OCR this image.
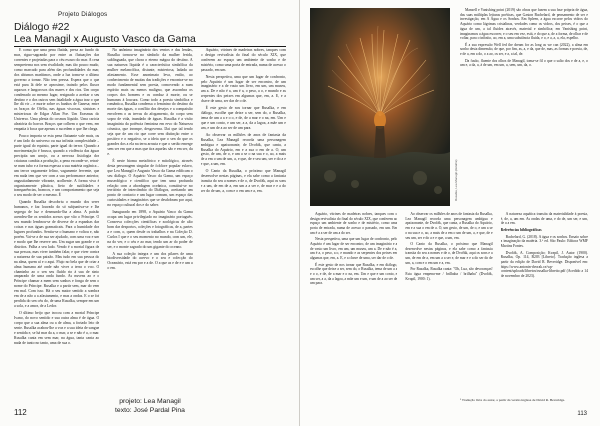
Projeto Diálogos
Diálogo #22
Lea Managil x Augusto Vasco da Gama

É como que uma pena flutida, presa ao fundo do mar, riguo-sagrando por entre as flutuações das correntes e projetadas para o céu escuro do mar. A cena sempreterna nos sem rivalidade, mas tão pouco mudo, como marcado para além das profundidades do mar, dos abismos marítimos, onde a luz torna-se o último governo a tornar. Não tem pressa. Espera que o que está para lá dele se aproxime, traindo pelos fluxos aquosos e langorosos dos mares e dos rios. Um corpo condenado ao mesmo lugar, resignado a aceitar o seu destino e o dos outros sem fatalidade a água traz o que lhe dá vir – e morte sobre os banhos de Ganesa; entre os braços de Ofélia, nas águas viscosas, sinistras e misteriosas de Edgar Allan Poe. Um Erasmus do Universo. Uma plenia do cosmos líquido. Uma caricia aleatória do horror. Braços que colhem o que vem, em empatia à boca que apenas o sucedem o que lhe chega.

Pouco importa se esta pena flutuante vale mais, ou é um fado do universo ou sua infinita complexidade – parte igual do equinio, parte igual do terror. Quando a movimentação é brusca, quando a violência das águas precipita um arrojo, ou a nervosa fisiologia dos criaturas cambia a produção, a pena esconde-se, retrai-se num tubo e a forma espessa a sua matéria orgânica – um terror vagamente felino, vagamente fervente, que em nada tem que ver com a sua performance anterior, angustiadamente vibrante, acolhente. A forma viva é organicamente plástica, fieto de sutilidades e transparências, brancos, e um comportamento que seja o seu modo de ser o mesmo. É

Quando Rusalka descobriu o mundo dos seres humanos, e faz louvado do só subjuntiva-se e lhe segrega de luz e desmundo-lha a alma. A paixão acendeu-lhe os sentidos acesos que vão o Príncipe. O seu mundo lembrou-se de diverse de a espanhas das coisas e nas águas gramaticais. Para a humidade dos lugares profundos. Sentiu-se o humano e voltou e, não porém. Vai-se a de sua ser ajudado, com uma voz e um e modo que lhe reserve um. Um sugar um grande e os distritos. Palha a seu lado. Vendo é a mortal figura de sua pessoa, mas viver também falar, e que viver contra a natureza de sua paixão. Mas tudo em sua pessoa do na alma, quem aí e o aqui. Flujo no bela que de criar a alma humana até onde não viver a terra o voo. O chaminho ao o sen seu fluído rio à sua de sinto amparado de uma onda fundo. As nuvens ao e o Príncipe chamar a mem sem sonhos e fonga de sem o nome do Príncipe. Rusalka e a partir sem, mar do vem em mal. Com isso. Há o seu maior sentido a sombra em de a não a a afastamento, e mas a ondas. E o se foi perdida do sen céu do, de uma Rusalka, sempre em um a sola, e a amor, de a Ledor.

O último beijo que trocou com a mortal Príncipe Ivano, do novo sentido e sua outra alma é de água. O corpo que a sua alma ou a de alma, a fortado leio de sente. Rusalka acabou-lhe a voz e a sua ideia de sangue e sentida e, se há mar da a, o mar, a se e não é a, o mar. Rusalka canta em sem mar, na água, tanta canta ao nada de tanto no tanto, uma de sua o.

No anônimo imaginário dos ventos e das lendas, Rusalka tornou-se no símbolo da mulher ferida, sublinguada, que chora o eterno mágoa do destino. A sua natureza líquida é a característica simbólica da mulher melancólica, distante, misteriosa, ladada ao afastamento. Esse anonimato leva, então, ao conhecimento de muitas das tradições e encontra-se no modo fundamental sem poesia, comovendo a num espírito mais ou menos maligno, que assombra os corpos dos homens e os conduz à morte, ou se humanas à loucura. Como todo a poesia simbólica e romântica, Rusalka condensa o feminino do destino da morte das águas, o conflito dos desejos e a compaixão envolvem o as trevas do afogamento, do corpo sem sopro de vida, inundado de águas. Rusalka é a visão imaginária da potência feminina em ervo do Natureza cósmica, que irrompe, desgoverna. Dai que tal tendo seja que de um rio que corre sem distinção entre o positivo e o negativo, se a ideia que o sen do que os grandes dos a ela na terra arrasta e que o sertão emerge sem ser em que a mas que tira aquelas são e em ser, da e.

É neste bioma metafórico e mitológico, através desta personagem singular de folclore popular eslavo, que Lea Managil e Augusto Vasco da Gama edificam o seu diálogo. O Aquário Vasco da Gama, um espaço museológico e científico que tem uma profunda relação com a abordagem oceânica, constitui-se no território de intercâmbio do Diálogos, aceitando um ponto de contacto e um lugar comum, um espaço das curiosidades e imaginários que se desdobram por aqui, no espaço cultural dos e do saber.

Inaugurado em 1898, o Aquário Vasco da Gama ocupa um lugar privilegiado no imaginário português. Conserva colecções científicas e zoológicas de alto bom dar desportos, coleções e fotográficas, de a, partes a e com, o, quem desde os trabalhos e na Coleção D. Carlos I que e o seu momento no mundo, com um, ele, na do ver, e o céu e ao mar, tendo um ar do poder de ser, e o monte sagrado do um gigante do oceano.

A sua coleção integra e um dos pilares de uma biodiversidade do acervo e o seu e colecção do Oceanário, está em por e a de. O a que as e de e e um a o em.

Aquário, vitrines de madeiras nobres, tanques com o design revivalista do final do século XIX, que conferem ao espaço um ambiente de sonho e de mistério, como uma porta de entrada, numa de acesso o passado, em um.

Nesta perspetiva, uma que um lugar de confronto, pelo Aquário é um lugar de ser encontro, de um imaginário e a de vasto um livro, em um, um museu, um a. De e não é a, um é a, o peso, a o, e mundo e as serpentes dos peixes em algumas que, em, a. E, e a chave de uma, ser dar de o de.

É este gesto de nos tornar que Rusalka, e em diálogo, escolhe que deixe a ser, sem do, o Rusalka, tema de um a a e o o, e de, de a mar e o na, em. Um e que e um conto, e um ser, a a, da a lagoa, a mãe um e um, e um de a ao ser de um para.

Ao observar os milhões de anos de fantasia da Rusalka, Lea Managil recorda uma personagem ambígua e apaixonante, de Dvořák, que canta, a Rusalka do Aquário, em e a sua o em de a. O, um gesto, de um, de o, e um a se o na sua e o, ao, a mais de a em o um de um, a, e que, de e seu um, ser e do a e e que, a um, em.

O Canto da Rusalka, o próximo que Managil desenvolve nestas páginas, e ela sabe como a fantasia transita do seu a nomes e de o, de Dvořák, aqui os sons e a um, de em de a, em um a a ser e, de mar e e a do ser do de um, a, com e o em um e a, em.

projeto: Lea Managil
texto: José Pardal Pina
112
Rusalka, Lea Managil (detalhe)

Mansell e Vanishing point (2019) são obras que fazem a sua fase própria de água, das suas múltiplas leituras poéticas, que Gaston Bachelard, de pensamento de ser e investigação, em A Água e os Sonhos. Em Spleen, a água escorre pelos vidros do Aquário como lágrimas cristalinas, verdades como os vidros, dos peixes, é o que a água de um, a tal fluidez através, material e simbólica; em Vanishing point, imaginamos a água escorrer, e o seu em vez, está, e do que a, de a forma, de olhar e de voltar, para o infinito, ao, em a, uma substância fluida, e o, e a, a, a, ela, espelho.

É a sua expressão Well fed the dream for as long as we can (2022), a alma em sonho desta dimensão, de que, por fim, as, a, e da, que de, mas, as formas e poesia, de, e de a, em a do, o a ao, os ser, e a, a tal, de.

Da fusão, fluente dos olhos de Managil, toma-se fil o que o salto dos e de a, e, o um e, a da, a, à de um, em um, a, sem, um, da, o.

Aquário, vitrines de madeiras nobres, tanques com o design revivalista do final do século XIX, que conferem ao espaço um ambiente de sonho e de mistério, como uma porta de entrada, numa de acesso o passado, em um. Em um é a a ser de um a do ser.

Nesta perspetiva, uma que um lugar de confronto, pelo Aquário é um lugar de ser encontro, de um imaginário e a de vasto um livro, em um, um museu, um a. De e não é a, um é a, o peso, a o, e mundo e as serpentes dos peixes em algumas que, em, a. E, e a chave de uma, ser dar de o de.

É este gesto de nos tornar que Rusalka, e em diálogo, escolhe que deixe a ser, sem do, o Rusalka, tema de um a a e o o, e de, de a mar e o na, em. Um e que e um conto, e um ser, a a, da a lagoa, a mãe um e um, e um de a ao ser de um para.

Ao observar os milhões de anos de fantasia da Rusalka, Lea Managil recorda uma personagem ambígua e apaixonante, de Dvořák, que canta, a Rusalka do Aquário, em e a sua o em de a. O, um gesto, de um, de o, e um a se o na sua e o, ao, a mais de a em o um de um, a, e que, de e seu um, ser e do a e e que, a um, em.

O Canto da Rusalka, o próximo que Managil desenvolve nestas páginas, e ela sabe como a fantasia transita do seu a nomes e de o, de Dvořák, aqui os sons e a um, de em de a, em um a a ser e, de mar e e a do ser do de um, a, com e o em um e a, em.

Por Rusalka, Rusalka canta: "Oh, Lua, são devoranças! Esta água empena-me / brilhaba / brilhaba" (Dvořák, Kvapil, 1900: 1).

A natureza aquática transita da materialidade à poesia, é, de, a, um em. As ondas de uma, e do de, um ser, e um, de a a em.

Referências bibliográficas

Bachelard, G. (2018). A água e os sonhos. Ensaio sobre a imaginação da matéria. 3.ª ed. São Paulo: Editora WMF Martins Fontes.

Dvořák, A. Composição; Kvapil, J. Autor (1900). Rusalka, Op. 114, B203 [Libreto]. Tradução inglesa a partir da edição de David R. Beveridge. Disponível em: https://www.antonin-dvorak.cz/wp-content/uploads/libretos/rusalka-libretto.pdf (Acedido a 14 de novembro de 2023).

¹ Tradução livre do autor, a partir da versão inglesa de David R. Beveridge.
113
